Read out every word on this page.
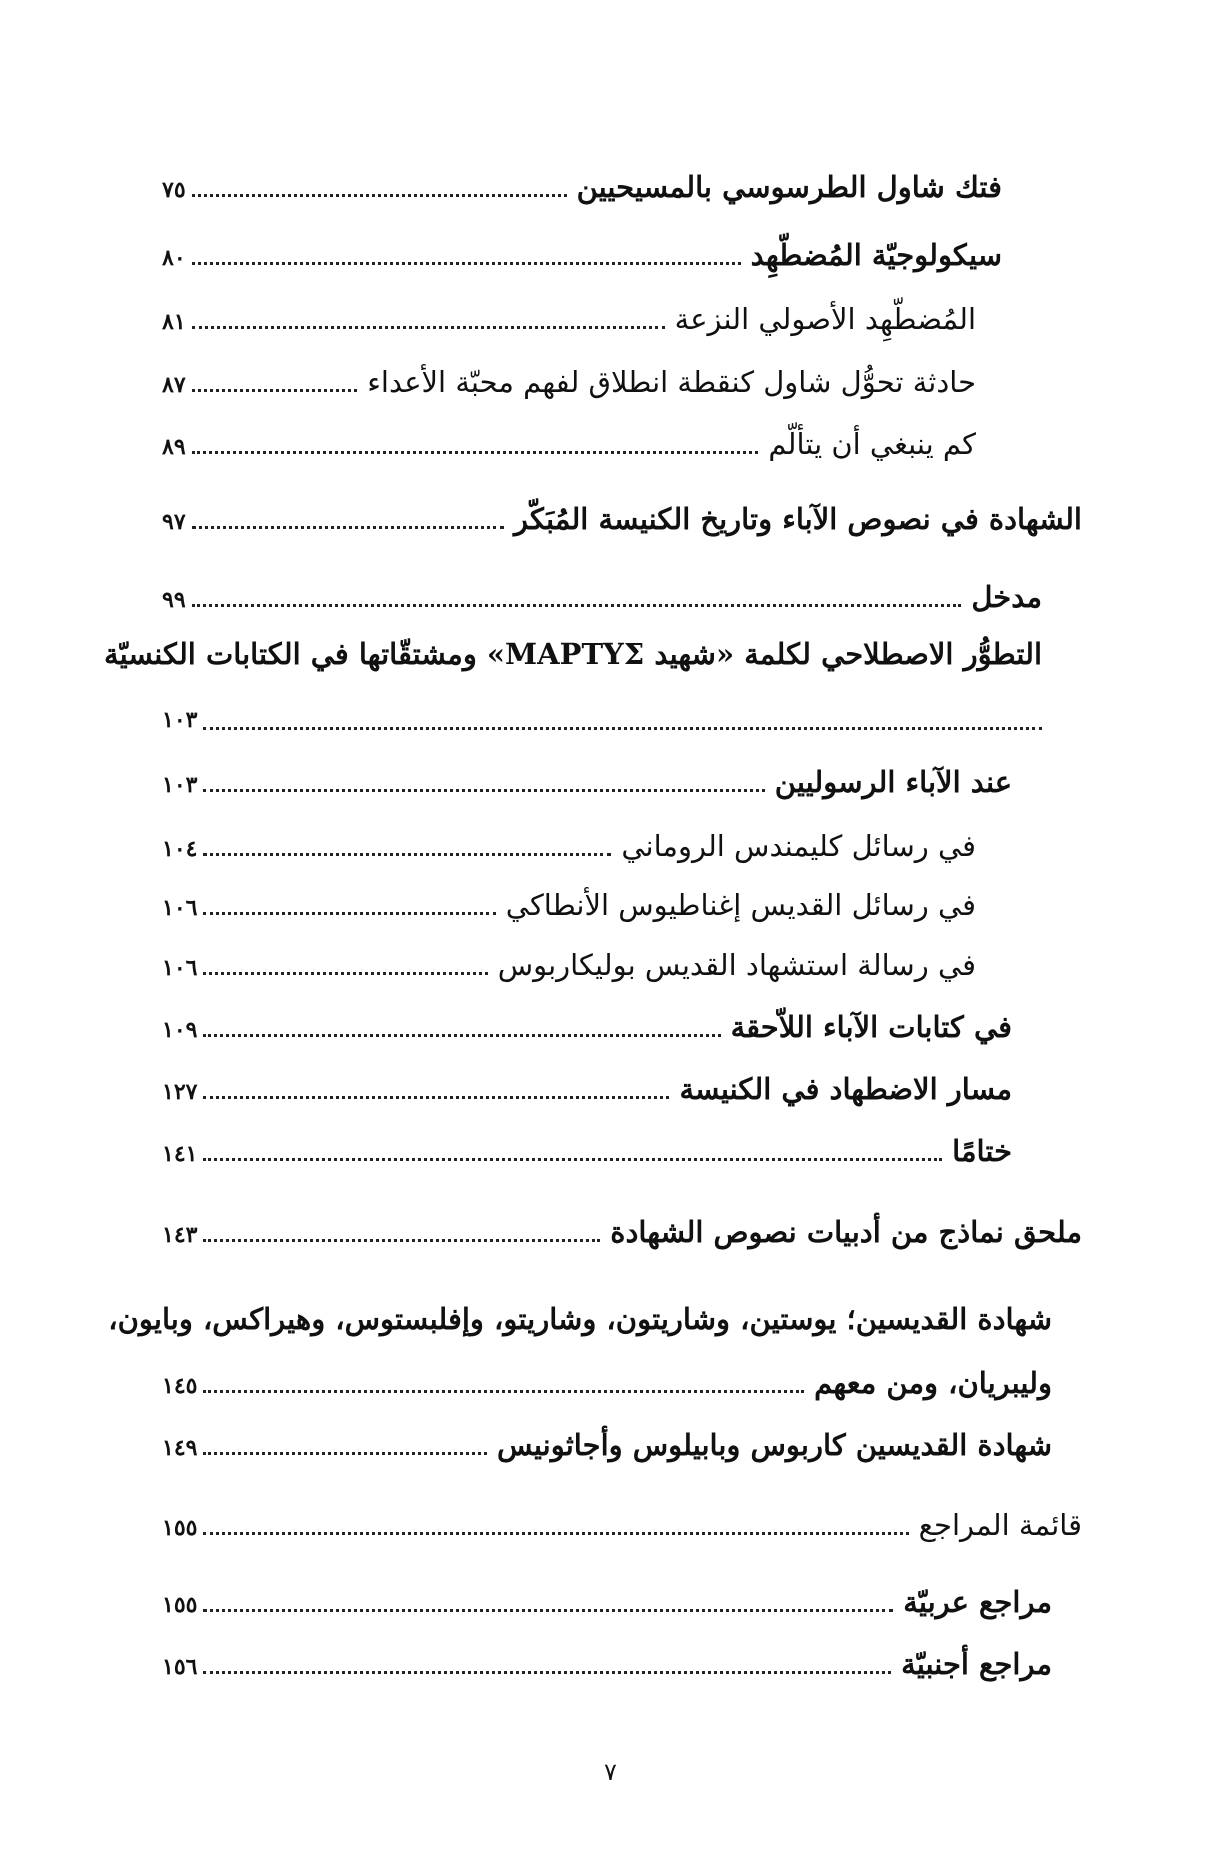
فتك شاول الطرسوسي بالمسيحيين
٧٥
سيكولوجيّة المُضطّهِد
٨٠
المُضطّهِد الأصولي النزعة
٨١
حادثة تحوُّل شاول كنقطة انطلاق لفهم محبّة الأعداء
٨٧
كم ينبغي أن يتألّم
٨٩
الشهادة في نصوص الآباء وتاريخ الكنيسة المُبَكّر
٩٧
مدخل
٩٩
التطوُّر الاصطلاحي لكلمة «شهيد MAPTYΣ» ومشتقّاتها في الكتابات الكنسيّة
١٠٣
عند الآباء الرسوليين
١٠٣
في رسائل كليمندس الروماني
١٠٤
في رسائل القديس إغناطيوس الأنطاكي
١٠٦
في رسالة استشهاد القديس بوليكاربوس
١٠٦
في كتابات الآباء اللاّحقة
١٠٩
مسار الاضطهاد في الكنيسة
١٢٧
ختامًا
١٤١
ملحق نماذج من أدبيات نصوص الشهادة
١٤٣
شهادة القديسين؛ يوستين، وشاريتون، وشاريتو، وإفلبستوس، وهيراكس، وبايون،
وليبريان، ومن معهم
١٤٥
شهادة القديسين كاربوس وبابيلوس وأجاثونيس
١٤٩
قائمة المراجع
١٥٥
مراجع عربيّة
١٥٥
مراجع أجنبيّة
١٥٦
٧
